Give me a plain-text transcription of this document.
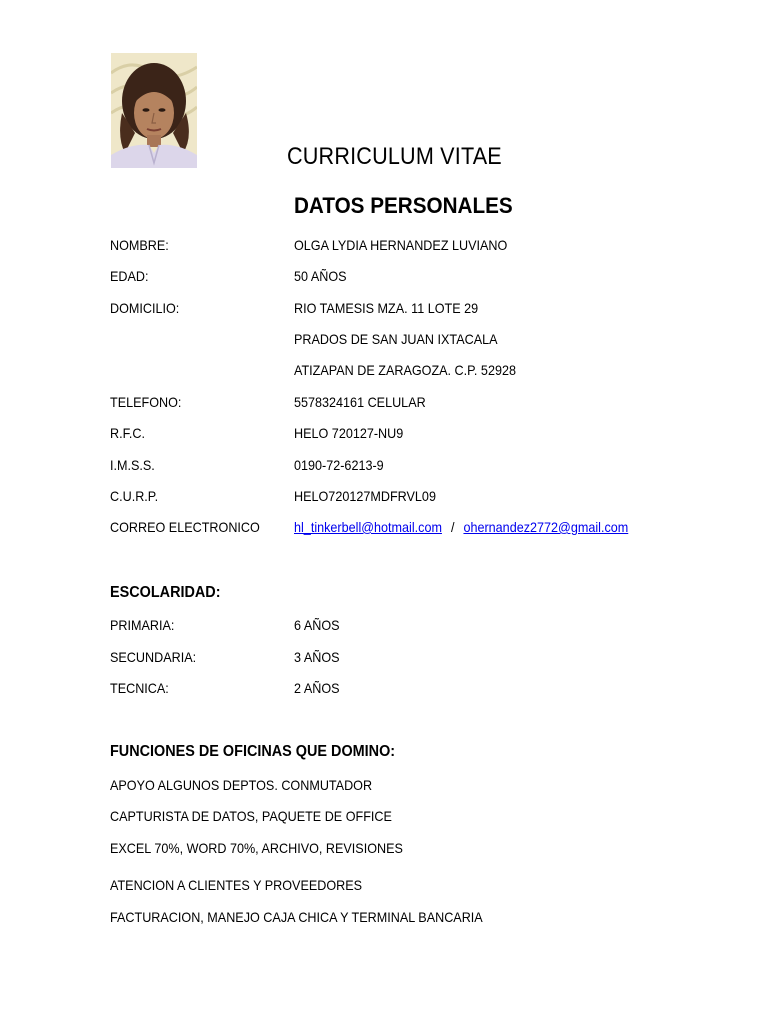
CURRICULUM VITAE
DATOS PERSONALES
NOMBRE:	OLGA LYDIA HERNANDEZ LUVIANO
EDAD:	50 AÑOS
DOMICILIO:	RIO TAMESIS MZA. 11 LOTE 29
PRADOS DE SAN JUAN IXTACALA
ATIZAPAN DE ZARAGOZA. C.P. 52928
TELEFONO:	5578324161 CELULAR
R.F.C.	HELO 720127-NU9
I.M.S.S.	0190-72-6213-9
C.U.R.P.	HELO720127MDFRVL09
CORREO ELECTRONICO hl_tinkerbell@hotmail.com / ohernandez2772@gmail.com
ESCOLARIDAD:
PRIMARIA:	6 AÑOS
SECUNDARIA:	3 AÑOS
TECNICA:	2 AÑOS
FUNCIONES DE OFICINAS QUE DOMINO:
APOYO ALGUNOS DEPTOS. CONMUTADOR
CAPTURISTA DE DATOS, PAQUETE DE OFFICE
EXCEL 70%, WORD 70%, ARCHIVO, REVISIONES
ATENCION A CLIENTES Y PROVEEDORES
FACTURACION, MANEJO CAJA CHICA Y TERMINAL BANCARIA
